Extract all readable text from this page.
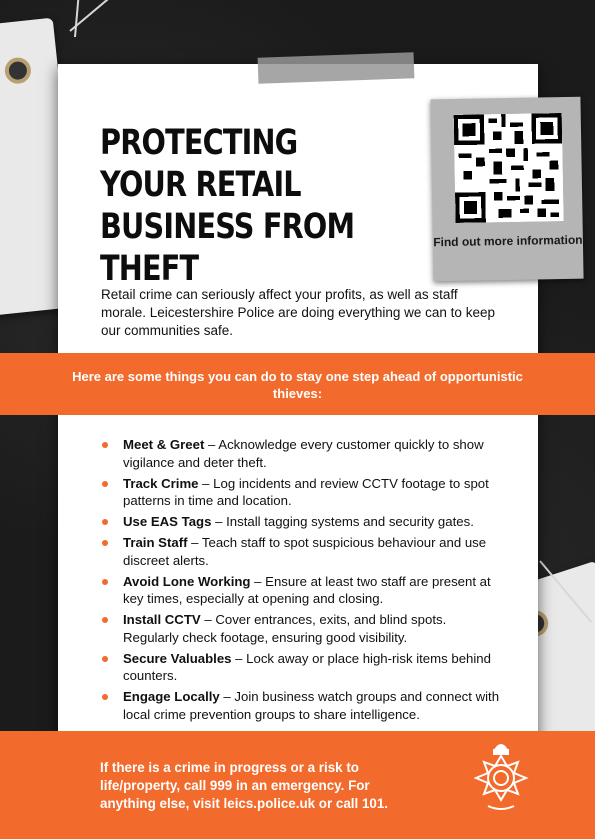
PROTECTING YOUR RETAIL BUSINESS FROM THEFT
Find out more information

Retail crime can seriously affect your profits, as well as staff morale. Leicestershire Police are doing everything we can to keep our communities safe.

Here are some things you can do to stay one step ahead of opportunistic thieves:

Meet & Greet – Acknowledge every customer quickly to show vigilance and deter theft.
Track Crime – Log incidents and review CCTV footage to spot patterns in time and location.
Use EAS Tags – Install tagging systems and security gates.
Train Staff – Teach staff to spot suspicious behaviour and use discreet alerts.
Avoid Lone Working – Ensure at least two staff are present at key times, especially at opening and closing.
Install CCTV – Cover entrances, exits, and blind spots. Regularly check footage, ensuring good visibility.
Secure Valuables – Lock away or place high-risk items behind counters.
Engage Locally – Join business watch groups and connect with local crime prevention groups to share intelligence.

If there is a crime in progress or a risk to life/property, call 999 in an emergency. For anything else, visit leics.police.uk or call 101.
